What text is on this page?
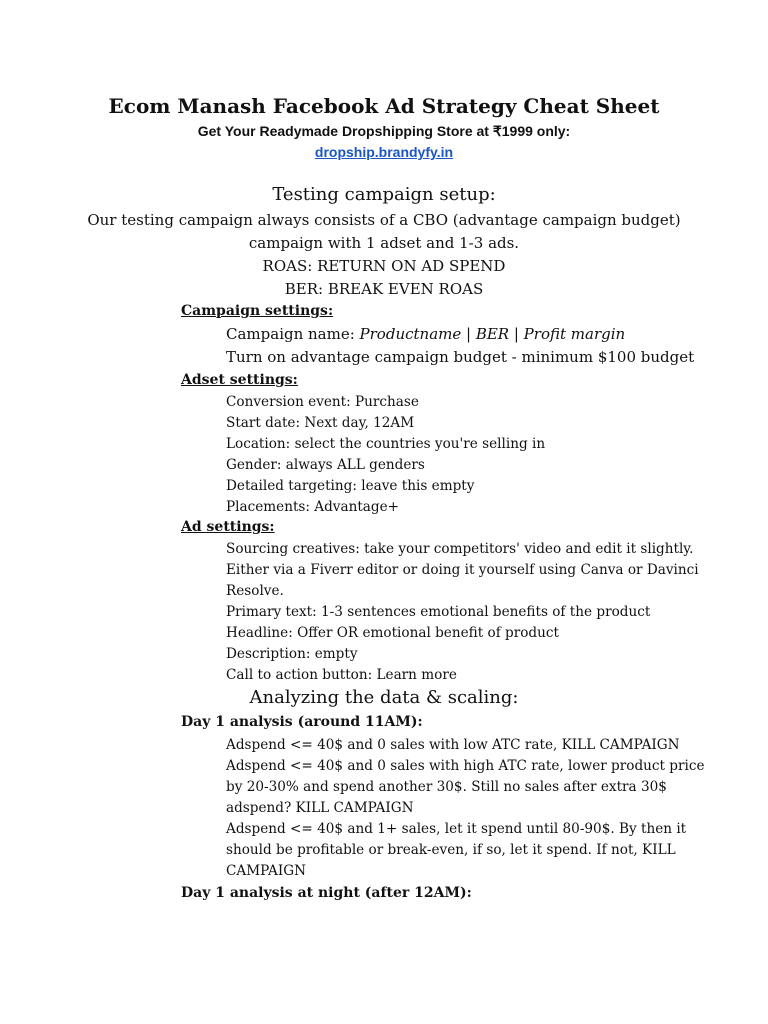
Ecom Manash Facebook Ad Strategy Cheat Sheet
Get Your Readymade Dropshipping Store at ₹1999 only:
dropship.brandyfy.in
Testing campaign setup:
Our testing campaign always consists of a CBO (advantage campaign budget)
campaign with 1 adset and 1-3 ads.
ROAS: RETURN ON AD SPEND
BER: BREAK EVEN ROAS
Campaign settings:
Campaign name: Productname | BER | Profit margin
Turn on advantage campaign budget - minimum $100 budget
Adset settings:
Conversion event: Purchase
Start date: Next day, 12AM
Location: select the countries you're selling in
Gender: always ALL genders
Detailed targeting: leave this empty
Placements: Advantage+
Ad settings:
Sourcing creatives: take your competitors' video and edit it slightly.
Either via a Fiverr editor or doing it yourself using Canva or Davinci
Resolve.
Primary text: 1-3 sentences emotional benefits of the product
Headline: Offer OR emotional benefit of product
Description: empty
Call to action button: Learn more
Analyzing the data & scaling:
Day 1 analysis (around 11AM):
Adspend <= 40$ and 0 sales with low ATC rate, KILL CAMPAIGN
Adspend <= 40$ and 0 sales with high ATC rate, lower product price
by 20-30% and spend another 30$. Still no sales after extra 30$
adspend? KILL CAMPAIGN
Adspend <= 40$ and 1+ sales, let it spend until 80-90$. By then it
should be profitable or break-even, if so, let it spend. If not, KILL
CAMPAIGN
Day 1 analysis at night (after 12AM):
